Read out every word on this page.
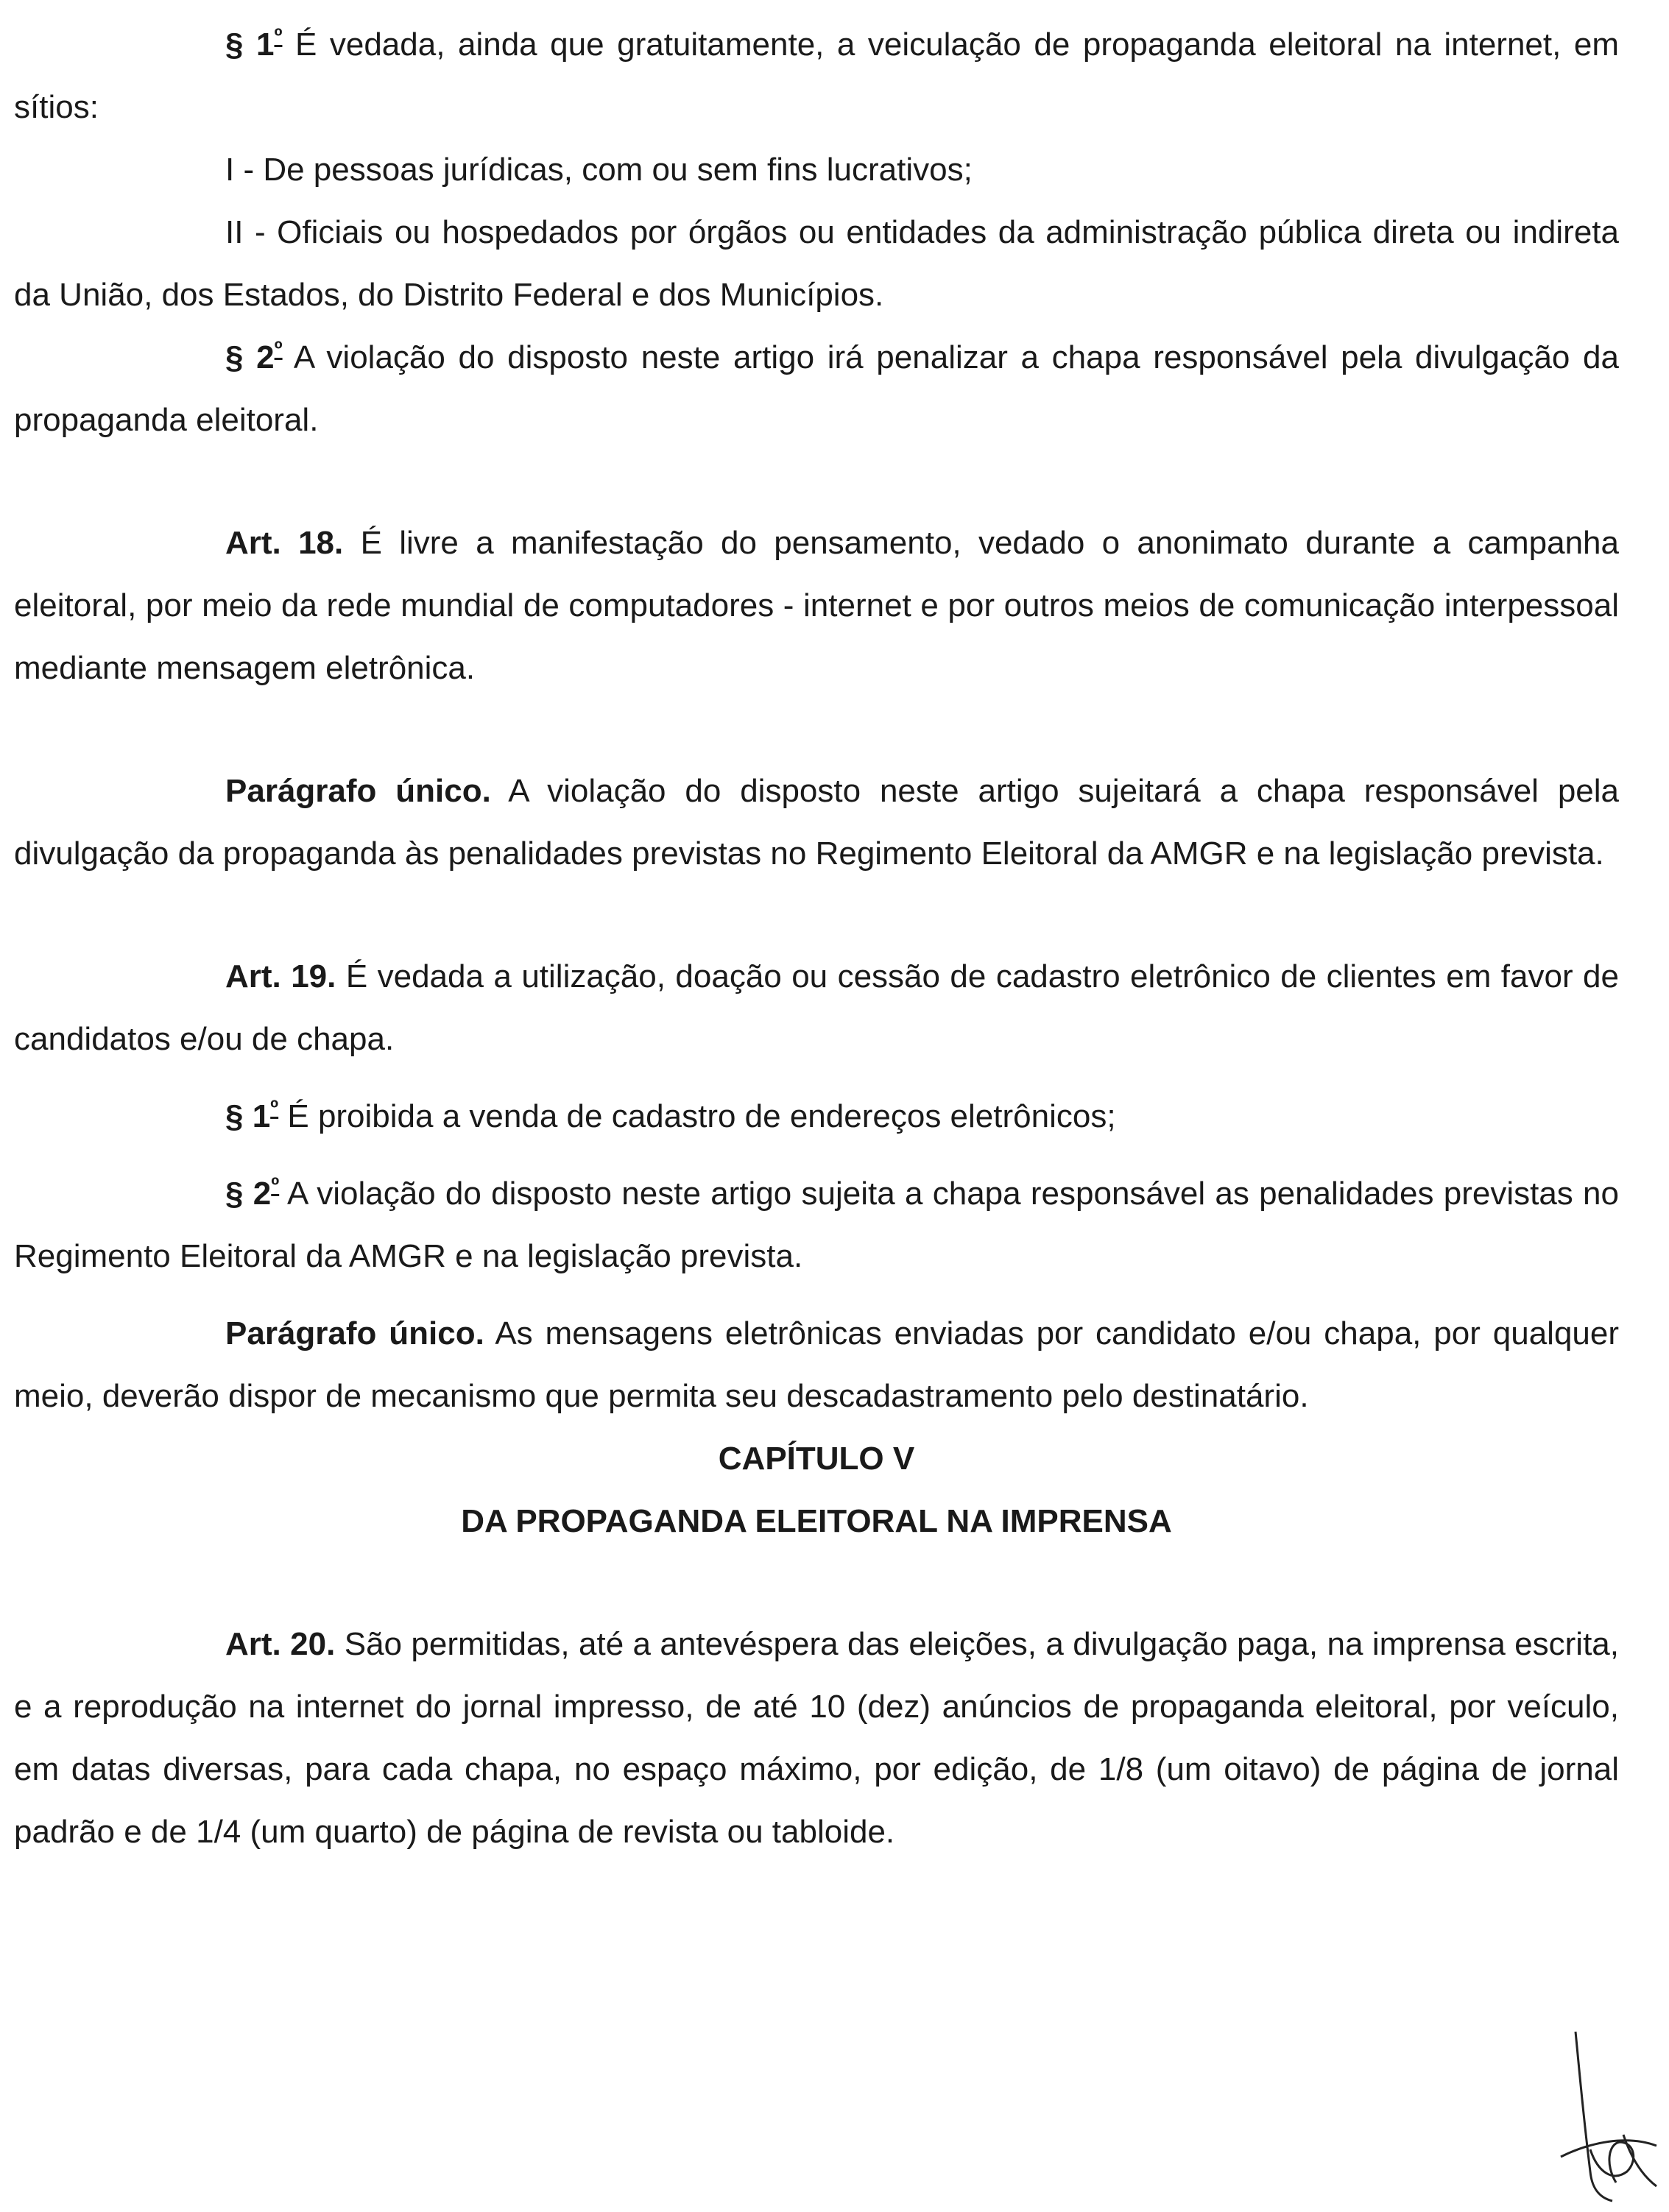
§ $1^º$ É vedada, ainda que gratuitamente, a veiculação de propaganda eleitoral na internet, em sítios:

I - De pessoas jurídicas, com ou sem fins lucrativos;

II - Oficiais ou hospedados por órgãos ou entidades da administração pública direta ou indireta da União, dos Estados, do Distrito Federal e dos Municípios.

§ $2^º$ A violação do disposto neste artigo irá penalizar a chapa responsável pela divulgação da propaganda eleitoral.

Art. 18. É livre a manifestação do pensamento, vedado o anonimato durante a campanha eleitoral, por meio da rede mundial de computadores - internet e por outros meios de comunicação interpessoal mediante mensagem eletrônica.

Parágrafo único. A violação do disposto neste artigo sujeitará a chapa responsável pela divulgação da propaganda às penalidades previstas no Regimento Eleitoral da AMGR e na legislação prevista.

Art. 19. É vedada a utilização, doação ou cessão de cadastro eletrônico de clientes em favor de candidatos e/ou de chapa.

§ $1^º$ É proibida a venda de cadastro de endereços eletrônicos;

§ $2^º$ A violação do disposto neste artigo sujeita a chapa responsável as penalidades previstas no Regimento Eleitoral da AMGR e na legislação prevista.

Parágrafo único. As mensagens eletrônicas enviadas por candidato e/ou chapa, por qualquer meio, deverão dispor de mecanismo que permita seu descadastramento pelo destinatário.

CAPÍTULO V

DA PROPAGANDA ELEITORAL NA IMPRENSA

Art. 20. São permitidas, até a antevéspera das eleições, a divulgação paga, na imprensa escrita, e a reprodução na internet do jornal impresso, de até 10 (dez) anúncios de propaganda eleitoral, por veículo, em datas diversas, para cada chapa, no espaço máximo, por edição, de 1/8 (um oitavo) de página de jornal padrão e de 1/4 (um quarto) de página de revista ou tabloide.
